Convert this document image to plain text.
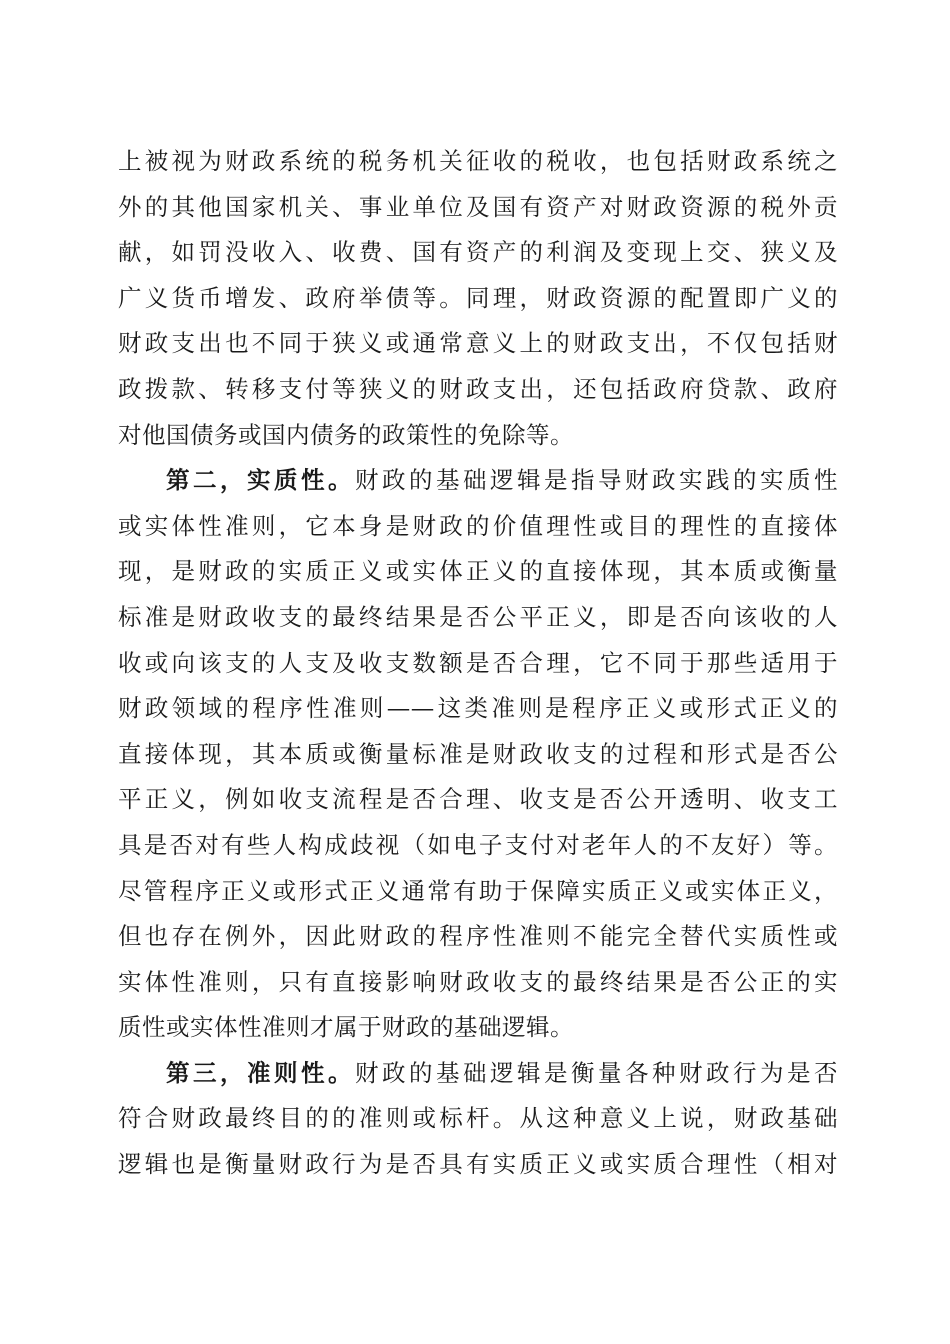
上被视为财政系统的税务机关征收的税收，也包括财政系统之
外的其他国家机关、事业单位及国有资产对财政资源的税外贡
献，如罚没收入、收费、国有资产的利润及变现上交、狭义及
广义货币增发、政府举债等。同理，财政资源的配置即广义的
财政支出也不同于狭义或通常意义上的财政支出，不仅包括财
政拨款、转移支付等狭义的财政支出，还包括政府贷款、政府
对他国债务或国内债务的政策性的免除等。
第二，实质性。财政的基础逻辑是指导财政实践的实质性
或实体性准则，它本身是财政的价值理性或目的理性的直接体
现，是财政的实质正义或实体正义的直接体现，其本质或衡量
标准是财政收支的最终结果是否公平正义，即是否向该收的人
收或向该支的人支及收支数额是否合理，它不同于那些适用于
财政领域的程序性准则——这类准则是程序正义或形式正义的
直接体现，其本质或衡量标准是财政收支的过程和形式是否公
平正义，例如收支流程是否合理、收支是否公开透明、收支工
具是否对有些人构成歧视（如电子支付对老年人的不友好）等。
尽管程序正义或形式正义通常有助于保障实质正义或实体正义，
但也存在例外，因此财政的程序性准则不能完全替代实质性或
实体性准则，只有直接影响财政收支的最终结果是否公正的实
质性或实体性准则才属于财政的基础逻辑。
第三，准则性。财政的基础逻辑是衡量各种财政行为是否
符合财政最终目的的准则或标杆。从这种意义上说，财政基础
逻辑也是衡量财政行为是否具有实质正义或实质合理性（相对
